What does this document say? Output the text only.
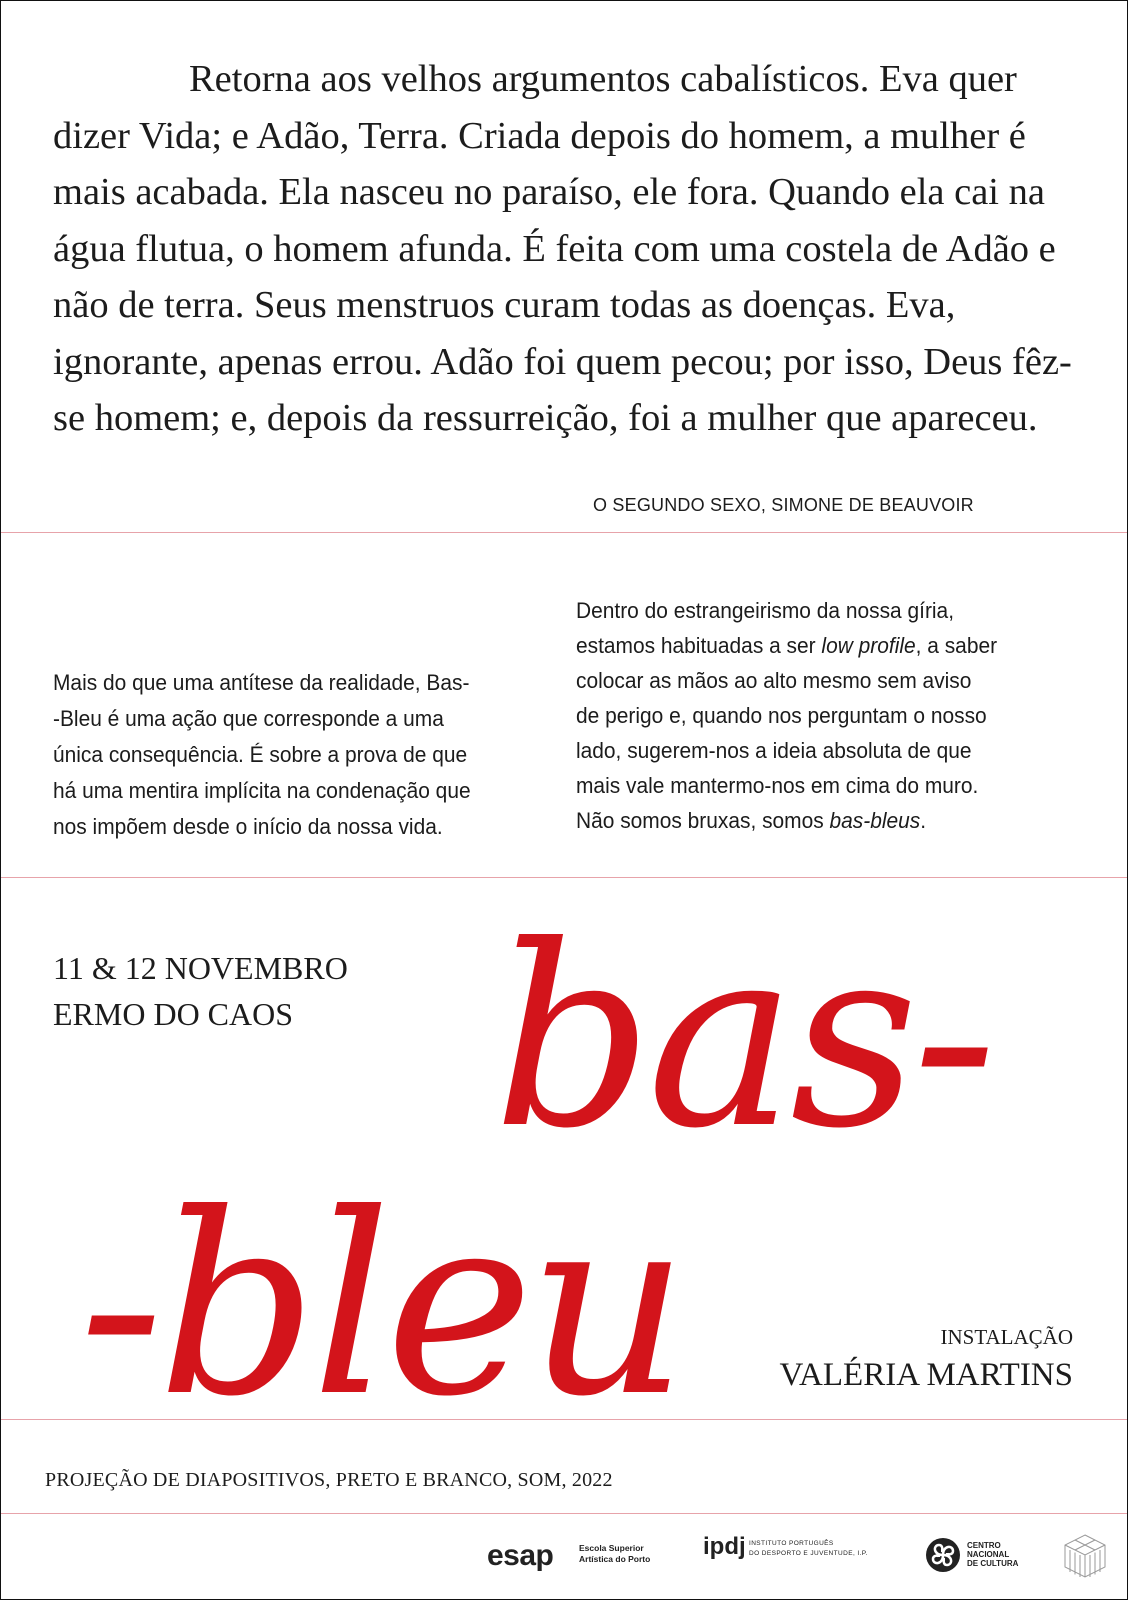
Retorna aos velhos argumentos cabalísticos. Eva quer dizer Vida; e Adão, Terra. Criada depois do homem, a mulher é mais acabada. Ela nasceu no paraíso, ele fora. Quando ela cai na água flutua, o homem afunda. É feita com uma costela de Adão e não de terra. Seus menstruos curam todas as doenças. Eva, ignorante, apenas errou. Adão foi quem pecou; por isso, Deus fêz-se homem; e, depois da ressurreição, foi a mulher que apareceu.

O SEGUNDO SEXO, SIMONE DE BEAUVOIR
Mais do que uma antítese da realidade, Bas-
-Bleu é uma ação que corresponde a uma
única consequência. É sobre a prova de que
há uma mentira implícita na condenação que
nos impõem desde o início da nossa vida.
Dentro do estrangeirismo da nossa gíria,
estamos habituadas a ser low profile, a saber
colocar as mãos ao alto mesmo sem aviso
de perigo e, quando nos perguntam o nosso
lado, sugerem-nos a ideia absoluta de que
mais vale mantermo-nos em cima do muro.
Não somos bruxas, somos bas-bleus.
11 & 12 NOVEMBRO
ERMO DO CAOS bas-
-bleu	INSTALAÇÃO
VALÉRIA MARTINS
PROJEÇÃO DE DIAPOSITIVOS, PRETO E BRANCO, SOM, 2022
esap	Escola Superior
Artística do Porto	ipdj INSTITUTO PORTUGUÊS
DO DESPORTO E JUVENTUDE, I.P.
CENTRO
NACIONAL
DE CULTURA
